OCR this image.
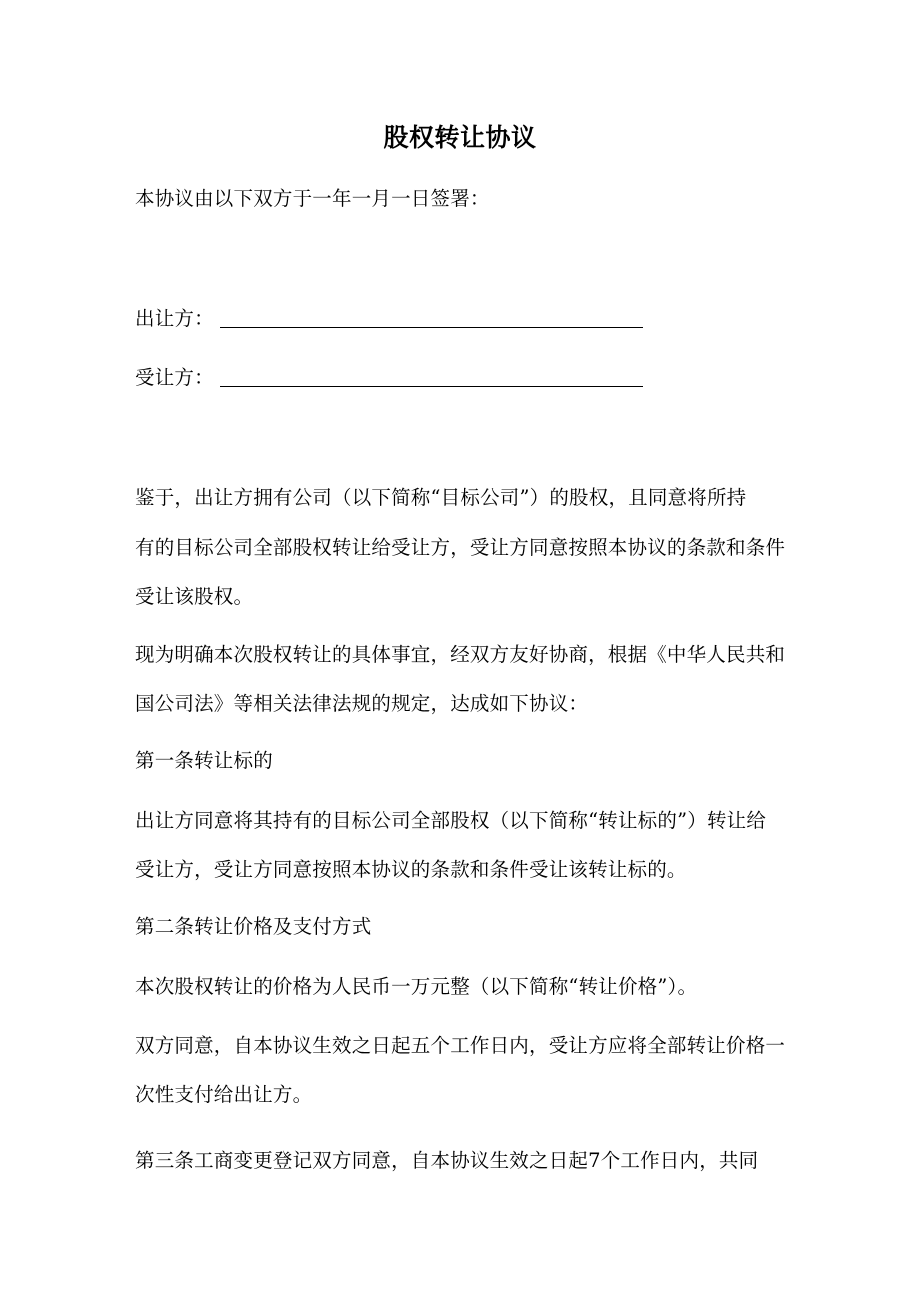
股权转让协议
本协议由以下双方于一年一月一日签署：
出让方：
受让方：
鉴于，出让方拥有公司（以下简称“目标公司”）的股权，且同意将所持
有的目标公司全部股权转让给受让方，受让方同意按照本协议的条款和条件
受让该股权。
现为明确本次股权转让的具体事宜，经双方友好协商，根据《中华人民共和
国公司法》等相关法律法规的规定，达成如下协议：
第一条转让标的
出让方同意将其持有的目标公司全部股权（以下简称“转让标的”）转让给
受让方，受让方同意按照本协议的条款和条件受让该转让标的。
第二条转让价格及支付方式
本次股权转让的价格为人民币一万元整（以下简称“转让价格”）。
双方同意，自本协议生效之日起五个工作日内，受让方应将全部转让价格一
次性支付给出让方。
第三条工商变更登记双方同意，自本协议生效之日起7个工作日内，共同
